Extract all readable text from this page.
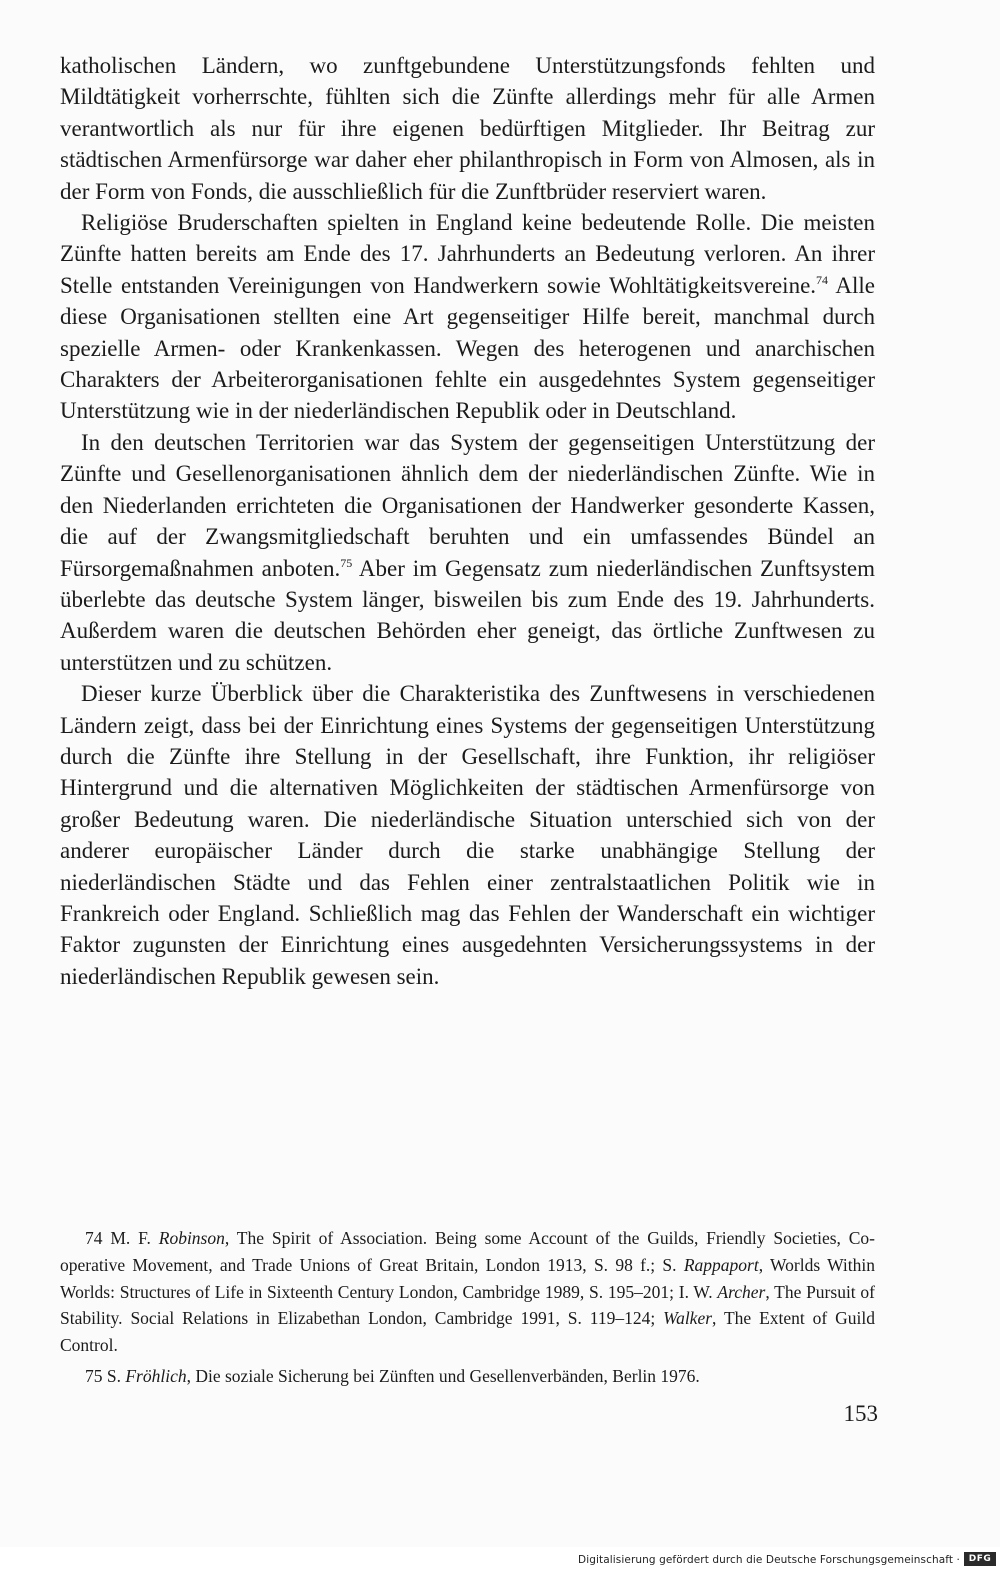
katholischen Ländern, wo zunftgebundene Unterstützungsfonds fehlten und Mildtätigkeit vorherrschte, fühlten sich die Zünfte allerdings mehr für alle Armen verantwortlich als nur für ihre eigenen bedürftigen Mitglieder. Ihr Beitrag zur städtischen Armenfürsorge war daher eher philanthropisch in Form von Almosen, als in der Form von Fonds, die ausschließlich für die Zunftbrüder reserviert waren.

Religiöse Bruderschaften spielten in England keine bedeutende Rolle. Die meisten Zünfte hatten bereits am Ende des 17. Jahrhunderts an Bedeutung verloren. An ihrer Stelle entstanden Vereinigungen von Handwerkern sowie Wohltätigkeitsvereine.$^{74}$ Alle diese Organisationen stellten eine Art gegenseitiger Hilfe bereit, manchmal durch spezielle Armen- oder Krankenkassen. Wegen des heterogenen und anarchischen Charakters der Arbeiterorganisationen fehlte ein ausgedehntes System gegenseitiger Unterstützung wie in der niederländischen Republik oder in Deutschland.

In den deutschen Territorien war das System der gegenseitigen Unterstützung der Zünfte und Gesellenorganisationen ähnlich dem der niederländischen Zünfte. Wie in den Niederlanden errichteten die Organisationen der Handwerker gesonderte Kassen, die auf der Zwangsmitgliedschaft beruhten und ein umfassendes Bündel an Fürsorgemaßnahmen anboten.$^{75}$ Aber im Gegensatz zum niederländischen Zunftsystem überlebte das deutsche System länger, bisweilen bis zum Ende des 19. Jahrhunderts. Außerdem waren die deutschen Behörden eher geneigt, das örtliche Zunftwesen zu unterstützen und zu schützen.

Dieser kurze Überblick über die Charakteristika des Zunftwesens in verschiedenen Ländern zeigt, dass bei der Einrichtung eines Systems der gegenseitigen Unterstützung durch die Zünfte ihre Stellung in der Gesellschaft, ihre Funktion, ihr religiöser Hintergrund und die alternativen Möglichkeiten der städtischen Armenfürsorge von großer Bedeutung waren. Die niederländische Situation unterschied sich von der anderer europäischer Länder durch die starke unabhängige Stellung der niederländischen Städte und das Fehlen einer zentralstaatlichen Politik wie in Frankreich oder England. Schließlich mag das Fehlen der Wanderschaft ein wichtiger Faktor zugunsten der Einrichtung eines ausgedehnten Versicherungssystems in der niederländischen Republik gewesen sein.

74 M. F. Robinson, The Spirit of Association. Being some Account of the Guilds, Friendly Societies, Co-operative Movement, and Trade Unions of Great Britain, London 1913, S. 98 f.; S. Rappaport, Worlds Within Worlds: Structures of Life in Sixteenth Century London, Cambridge 1989, S. 195–201; I. W. Archer, The Pursuit of Stability. Social Relations in Elizabethan London, Cambridge 1991, S. 119–124; Walker, The Extent of Guild Control.

75 S. Fröhlich, Die soziale Sicherung bei Zünften und Gesellenverbänden, Berlin 1976.

153
Digitalisierung gefördert durch die Deutsche Forschungsgemeinschaft · DFG
